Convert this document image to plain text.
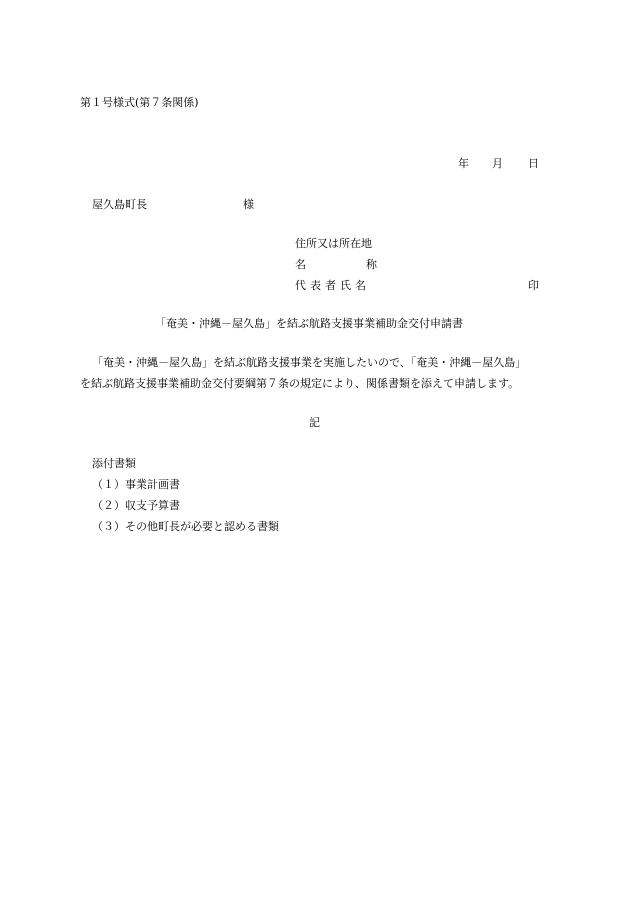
第１号様式(第７条関係)
年 月 日
屋久島町長	様
住所又は所在地
名	称
代表者氏名	印
「奄美・沖縄－屋久島」を結ぶ航路支援事業補助金交付申請書
「奄美・沖縄－屋久島」を結ぶ航路支援事業を実施したいので、「奄美・沖縄－屋久島」
を結ぶ航路支援事業補助金交付要綱第７条の規定により、関係書類を添えて申請します。
記
添付書類
（１）事業計画書
（２）収支予算書
（３）その他町長が必要と認める書類
